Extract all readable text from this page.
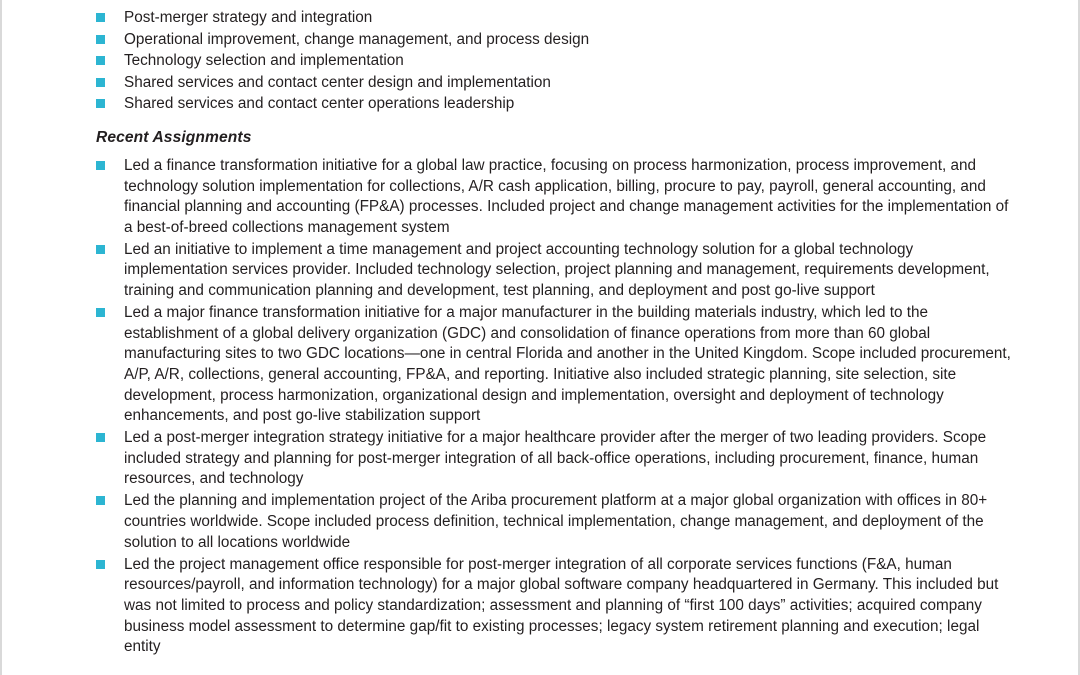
Post-merger strategy and integration
Operational improvement, change management, and process design
Technology selection and implementation
Shared services and contact center design and implementation
Shared services and contact center operations leadership
Recent Assignments
Led a finance transformation initiative for a global law practice, focusing on process harmonization, process improvement, and technology solution implementation for collections, A/R cash application, billing, procure to pay, payroll, general accounting, and financial planning and accounting (FP&A) processes. Included project and change management activities for the implementation of a best-of-breed collections management system
Led an initiative to implement a time management and project accounting technology solution for a global technology implementation services provider. Included technology selection, project planning and management, requirements development, training and communication planning and development, test planning, and deployment and post go-live support
Led a major finance transformation initiative for a major manufacturer in the building materials industry, which led to the establishment of a global delivery organization (GDC) and consolidation of finance operations from more than 60 global manufacturing sites to two GDC locations—one in central Florida and another in the United Kingdom. Scope included procurement, A/P, A/R, collections, general accounting, FP&A, and reporting. Initiative also included strategic planning, site selection, site development, process harmonization, organizational design and implementation, oversight and deployment of technology enhancements, and post go-live stabilization support
Led a post-merger integration strategy initiative for a major healthcare provider after the merger of two leading providers. Scope included strategy and planning for post-merger integration of all back-office operations, including procurement, finance, human resources, and technology
Led the planning and implementation project of the Ariba procurement platform at a major global organization with offices in 80+ countries worldwide. Scope included process definition, technical implementation, change management, and deployment of the solution to all locations worldwide
Led the project management office responsible for post-merger integration of all corporate services functions (F&A, human resources/payroll, and information technology) for a major global software company headquartered in Germany. This included but was not limited to process and policy standardization; assessment and planning of “first 100 days” activities; acquired company business model assessment to determine gap/fit to existing processes; legacy system retirement planning and execution; legal entity
